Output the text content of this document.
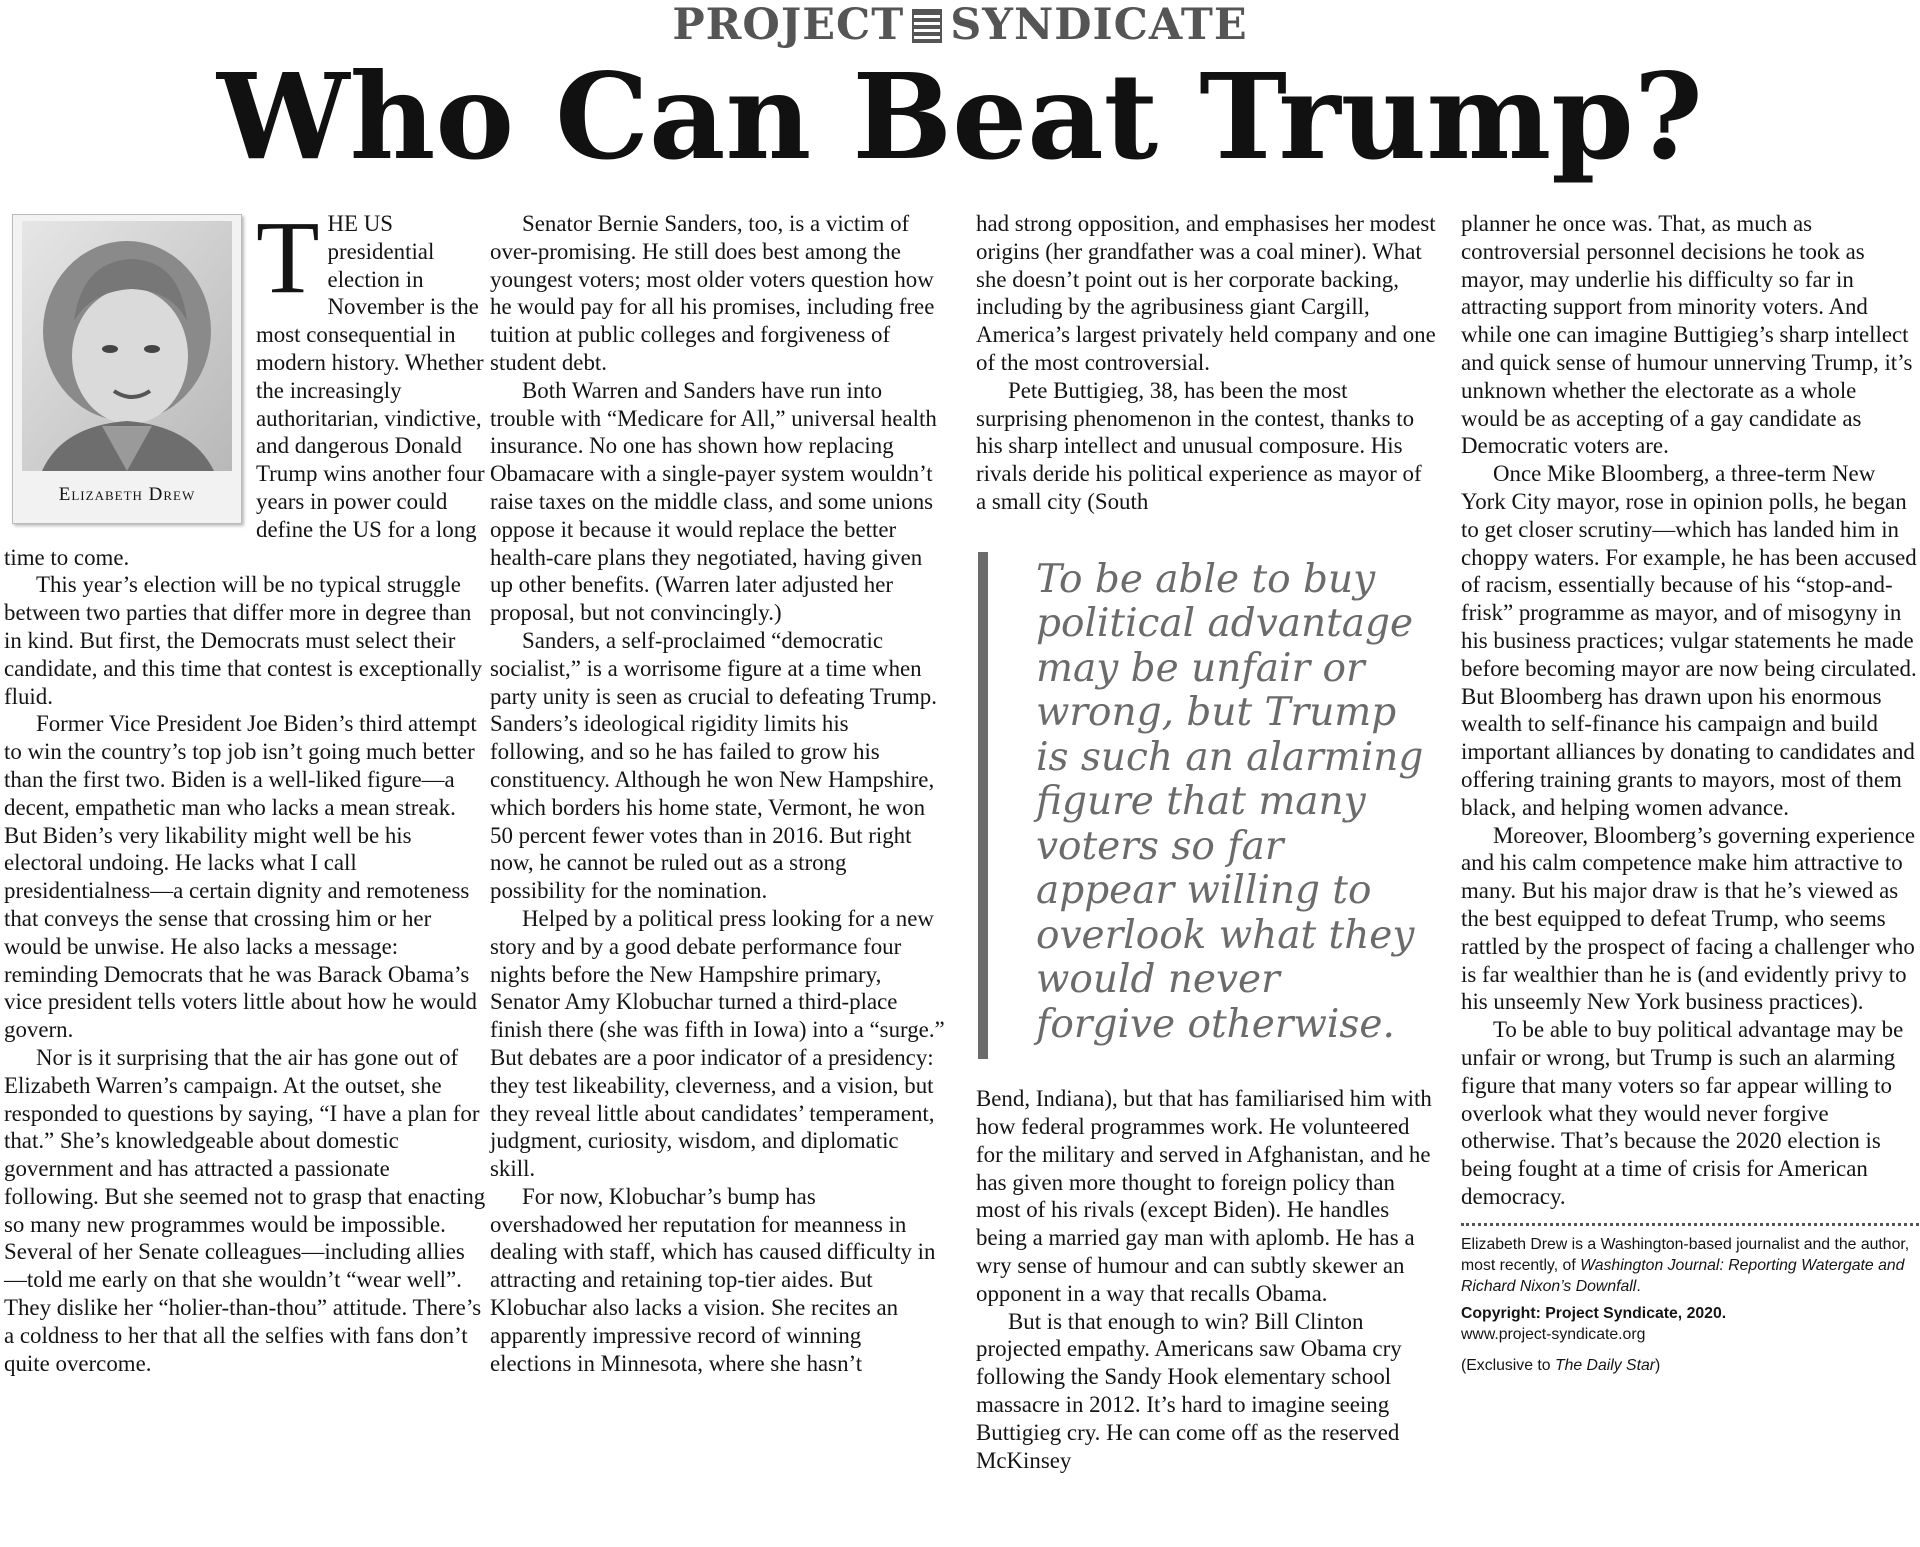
PROJECT SYNDICATE
Who Can Beat Trump?
Elizabeth Drew

THE US presidential election in November is the most consequential in modern history. Whether the increasingly authoritarian, vindictive, and dangerous Donald Trump wins another four years in power could define the US for a long time to come.

This year’s election will be no typical struggle between two parties that differ more in degree than in kind. But first, the Democrats must select their candidate, and this time that contest is exceptionally fluid.

Former Vice President Joe Biden’s third attempt to win the country’s top job isn’t going much better than the first two. Biden is a well-liked figure—a decent, empathetic man who lacks a mean streak. But Biden’s very likability might well be his electoral undoing. He lacks what I call presidentialness—a certain dignity and remoteness that conveys the sense that crossing him or her would be unwise. He also lacks a message: reminding Democrats that he was Barack Obama’s vice president tells voters little about how he would govern.

Nor is it surprising that the air has gone out of Elizabeth Warren’s campaign. At the outset, she responded to questions by saying, “I have a plan for that.” She’s knowledgeable about domestic government and has attracted a passionate following. But she seemed not to grasp that enacting so many new programmes would be impossible. Several of her Senate colleagues—including allies—told me early on that she wouldn’t “wear well”. They dislike her “holier-than-thou” attitude. There’s a coldness to her that all the selfies with fans don’t quite overcome.

Senator Bernie Sanders, too, is a victim of over-promising. He still does best among the youngest voters; most older voters question how he would pay for all his promises, including free tuition at public colleges and forgiveness of student debt.

Both Warren and Sanders have run into trouble with “Medicare for All,” universal health insurance. No one has shown how replacing Obamacare with a single-payer system wouldn’t raise taxes on the middle class, and some unions oppose it because it would replace the better health-care plans they negotiated, having given up other benefits. (Warren later adjusted her proposal, but not convincingly.)

Sanders, a self-proclaimed “democratic socialist,” is a worrisome figure at a time when party unity is seen as crucial to defeating Trump. Sanders’s ideological rigidity limits his following, and so he has failed to grow his constituency. Although he won New Hampshire, which borders his home state, Vermont, he won 50 percent fewer votes than in 2016. But right now, he cannot be ruled out as a strong possibility for the nomination.

Helped by a political press looking for a new story and by a good debate performance four nights before the New Hampshire primary, Senator Amy Klobuchar turned a third-place finish there (she was fifth in Iowa) into a “surge.” But debates are a poor indicator of a presidency: they test likeability, cleverness, and a vision, but they reveal little about candidates’ temperament, judgment, curiosity, wisdom, and diplomatic skill.

For now, Klobuchar’s bump has overshadowed her reputation for meanness in dealing with staff, which has caused difficulty in attracting and retaining top-tier aides. But Klobuchar also lacks a vision. She recites an apparently impressive record of winning elections in Minnesota, where she hasn’t

had strong opposition, and emphasises her modest origins (her grandfather was a coal miner). What she doesn’t point out is her corporate backing, including by the agribusiness giant Cargill, America’s largest privately held company and one of the most controversial.

Pete Buttigieg, 38, has been the most surprising phenomenon in the contest, thanks to his sharp intellect and unusual composure. His rivals deride his political experience as mayor of a small city (South

To be able to buy political advantage may be unfair or wrong, but Trump is such an alarming figure that many voters so far appear willing to overlook what they would never forgive otherwise.

Bend, Indiana), but that has familiarised him with how federal programmes work. He volunteered for the military and served in Afghanistan, and he has given more thought to foreign policy than most of his rivals (except Biden). He handles being a married gay man with aplomb. He has a wry sense of humour and can subtly skewer an opponent in a way that recalls Obama.

But is that enough to win? Bill Clinton projected empathy. Americans saw Obama cry following the Sandy Hook elementary school massacre in 2012. It’s hard to imagine seeing Buttigieg cry. He can come off as the reserved McKinsey

planner he once was. That, as much as controversial personnel decisions he took as mayor, may underlie his difficulty so far in attracting support from minority voters. And while one can imagine Buttigieg’s sharp intellect and quick sense of humour unnerving Trump, it’s unknown whether the electorate as a whole would be as accepting of a gay candidate as Democratic voters are.

Once Mike Bloomberg, a three-term New York City mayor, rose in opinion polls, he began to get closer scrutiny—which has landed him in choppy waters. For example, he has been accused of racism, essentially because of his “stop-and-frisk” programme as mayor, and of misogyny in his business practices; vulgar statements he made before becoming mayor are now being circulated. But Bloomberg has drawn upon his enormous wealth to self-finance his campaign and build important alliances by donating to candidates and offering training grants to mayors, most of them black, and helping women advance.

Moreover, Bloomberg’s governing experience and his calm competence make him attractive to many. But his major draw is that he’s viewed as the best equipped to defeat Trump, who seems rattled by the prospect of facing a challenger who is far wealthier than he is (and evidently privy to his unseemly New York business practices).

To be able to buy political advantage may be unfair or wrong, but Trump is such an alarming figure that many voters so far appear willing to overlook what they would never forgive otherwise. That’s because the 2020 election is being fought at a time of crisis for American democracy.

Elizabeth Drew is a Washington-based journalist and the author, most recently, of Washington Journal: Reporting Watergate and Richard Nixon’s Downfall.
Copyright: Project Syndicate, 2020.
www.project-syndicate.org
(Exclusive to The Daily Star)
